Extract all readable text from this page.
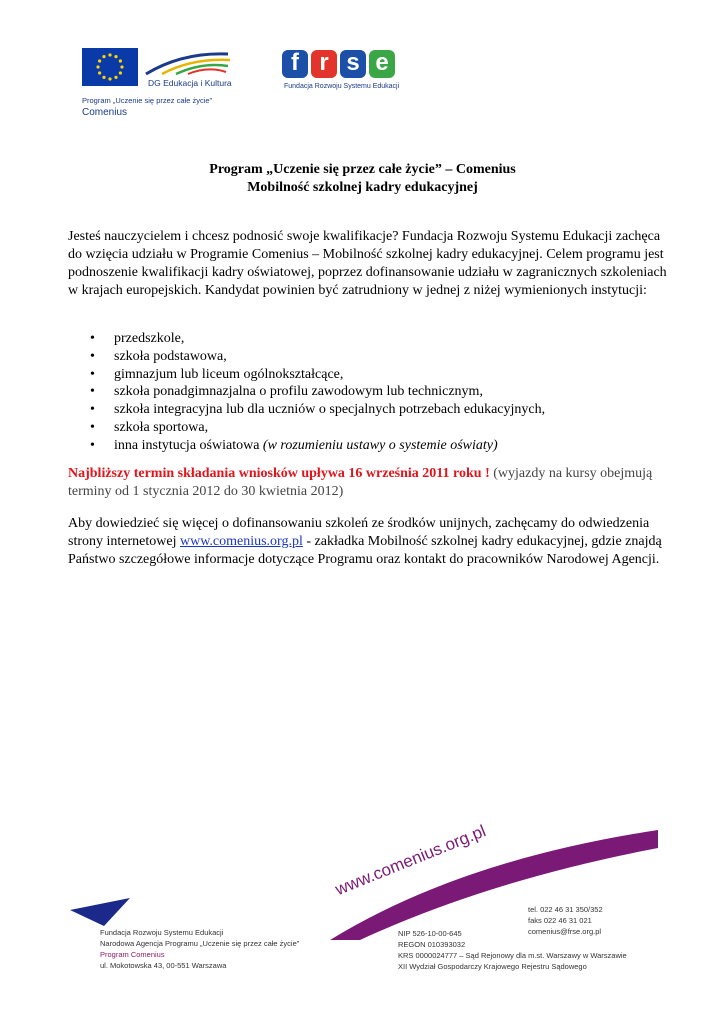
DG Edukacja i Kultura
Program „Uczenie się przez całe życie”
Comenius
f r s e
Fundacja Rozwoju Systemu Edukacji
Program „Uczenie się przez całe życie” – Comenius
Mobilność szkolnej kadry edukacyjnej
Jesteś nauczycielem i chcesz podnosić swoje kwalifikacje? Fundacja Rozwoju Systemu Edukacji zachęca do wzięcia udziału w Programie Comenius – Mobilność szkolnej kadry edukacyjnej. Celem programu jest podnoszenie kwalifikacji kadry oświatowej, poprzez dofinansowanie udziału w zagranicznych szkoleniach w krajach europejskich. Kandydat powinien być zatrudniony w jednej z niżej wymienionych instytucji:
przedszkole,
szkoła podstawowa,
gimnazjum lub liceum ogólnokształcące,
szkoła ponadgimnazjalna o profilu zawodowym lub technicznym,
szkoła integracyjna lub dla uczniów o specjalnych potrzebach edukacyjnych,
szkoła sportowa,
inna instytucja oświatowa (w rozumieniu ustawy o systemie oświaty)
Najbliższy termin składania wniosków upływa 16 września 2011 roku ! (wyjazdy na kursy obejmują terminy od 1 stycznia 2012 do 30 kwietnia 2012)
Aby dowiedzieć się więcej o dofinansowaniu szkoleń ze środków unijnych, zachęcamy do odwiedzenia strony internetowej www.comenius.org.pl - zakładka Mobilność szkolnej kadry edukacyjnej, gdzie znajdą Państwo szczegółowe informacje dotyczące Programu oraz kontakt do pracowników Narodowej Agencji.
www.comenius.org.pl
Fundacja Rozwoju Systemu Edukacji
Narodowa Agencja Programu „Uczenie się przez całe życie”
Program Comenius
ul. Mokotowska 43, 00-551 Warszawa
NIP 526-10-00-645
REGON 010393032
KRS 0000024777 – Sąd Rejonowy dla m.st. Warszawy w Warszawie
XII Wydział Gospodarczy Krajowego Rejestru Sądowego
tel. 022 46 31 350/352
faks 022 46 31 021
comenius@frse.org.pl
